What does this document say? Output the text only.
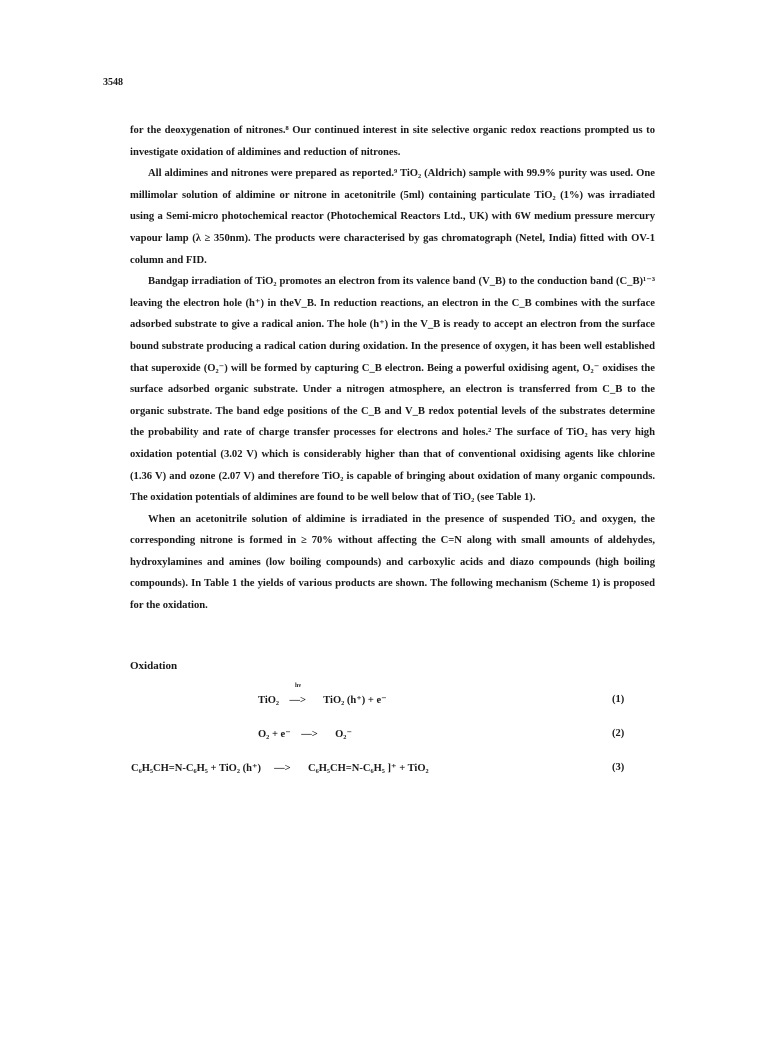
3548

for the deoxygenation of nitrones.⁸ Our continued interest in site selective organic redox reactions prompted us to investigate oxidation of aldimines and reduction of nitrones.

All aldimines and nitrones were prepared as reported.⁹ TiO₂ (Aldrich) sample with 99.9% purity was used. One millimolar solution of aldimine or nitrone in acetonitrile (5ml) containing particulate TiO₂ (1%) was irradiated using a Semi-micro photochemical reactor (Photochemical Reactors Ltd., UK) with 6W medium pressure mercury vapour lamp (λ ≥ 350nm). The products were characterised by gas chromatograph (Netel, India) fitted with OV-1 column and FID.

Bandgap irradiation of TiO₂ promotes an electron from its valence band (V_B) to the conduction band (C_B)¹⁻³ leaving the electron hole (h⁺) in theV_B. In reduction reactions, an electron in the C_B combines with the surface adsorbed substrate to give a radical anion. The hole (h⁺) in the V_B is ready to accept an electron from the surface bound substrate producing a radical cation during oxidation. In the presence of oxygen, it has been well established that superoxide (O₂⁻) will be formed by capturing C_B electron. Being a powerful oxidising agent, O₂⁻ oxidises the surface adsorbed organic substrate. Under a nitrogen atmosphere, an electron is transferred from C_B to the organic substrate. The band edge positions of the C_B and V_B redox potential levels of the substrates determine the probability and rate of charge transfer processes for electrons and holes.² The surface of TiO₂ has very high oxidation potential (3.02 V) which is considerably higher than that of conventional oxidising agents like chlorine (1.36 V) and ozone (2.07 V) and therefore TiO₂ is capable of bringing about oxidation of many organic compounds. The oxidation potentials of aldimines are found to be well below that of TiO₂ (see Table 1).

When an acetonitrile solution of aldimine is irradiated in the presence of suspended TiO₂ and oxygen, the corresponding nitrone is formed in ≥ 70% without affecting the C=N along with small amounts of aldehydes, hydroxylamines and amines (low boiling compounds) and carboxylic acids and diazo compounds (high boiling compounds). In Table 1 the yields of various products are shown. The following mechanism (Scheme 1) is proposed for the oxidation.

Oxidation
TiO₂ —> TiO₂ (h⁺) + e⁻
hν
(1)
O₂ + e⁻ —> O₂⁻	(2)
C₆H₅CH=N-C₆H₅ + TiO₂ (h⁺) —> C₆H₅CH=N-C₆H₅ ]⁺ + TiO₂	(3)
